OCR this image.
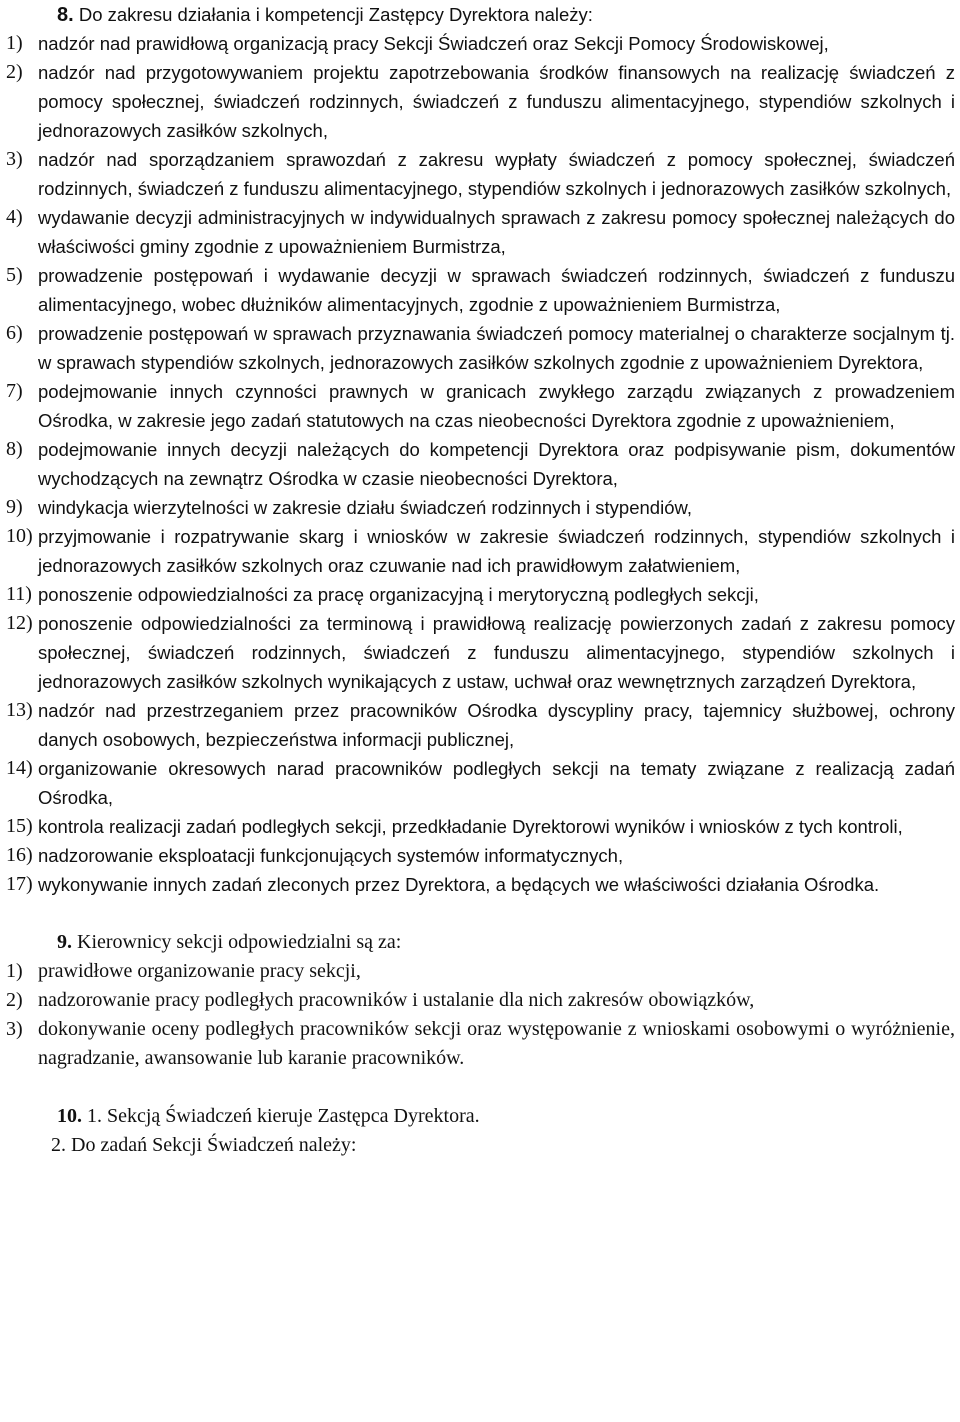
8. Do zakresu działania i kompetencji Zastępcy Dyrektora należy:
1) nadzór nad prawidłową organizacją pracy Sekcji Świadczeń oraz Sekcji Pomocy Środowiskowej,
2) nadzór nad przygotowywaniem projektu zapotrzebowania środków finansowych na realizację świadczeń z pomocy społecznej, świadczeń rodzinnych, świadczeń z funduszu alimentacyjnego, stypendiów szkolnych i jednorazowych zasiłków szkolnych,
3) nadzór nad sporządzaniem sprawozdań z zakresu wypłaty świadczeń z pomocy społecznej, świadczeń rodzinnych, świadczeń z funduszu alimentacyjnego, stypendiów szkolnych i jednorazowych zasiłków szkolnych,
4) wydawanie decyzji administracyjnych w indywidualnych sprawach z zakresu pomocy społecznej należących do właściwości gminy zgodnie z upoważnieniem Burmistrza,
5) prowadzenie postępowań i wydawanie decyzji w sprawach świadczeń rodzinnych, świadczeń z funduszu alimentacyjnego, wobec dłużników alimentacyjnych, zgodnie z upoważnieniem Burmistrza,
6) prowadzenie postępowań w sprawach przyznawania świadczeń pomocy materialnej o charakterze socjalnym tj. w sprawach stypendiów szkolnych, jednorazowych zasiłków szkolnych zgodnie z upoważnieniem Dyrektora,
7) podejmowanie innych czynności prawnych w granicach zwykłego zarządu związanych z prowadzeniem Ośrodka, w zakresie jego zadań statutowych na czas nieobecności Dyrektora zgodnie z upoważnieniem,
8) podejmowanie innych decyzji należących do kompetencji Dyrektora oraz podpisywanie pism, dokumentów wychodzących na zewnątrz Ośrodka w czasie nieobecności Dyrektora,
9) windykacja wierzytelności w zakresie działu świadczeń rodzinnych i stypendiów,
10) przyjmowanie i rozpatrywanie skarg i wniosków w zakresie świadczeń rodzinnych, stypendiów szkolnych i jednorazowych zasiłków szkolnych oraz czuwanie nad ich prawidłowym załatwieniem,
11) ponoszenie odpowiedzialności za pracę organizacyjną i merytoryczną podległych sekcji,
12) ponoszenie odpowiedzialności za terminową i prawidłową realizację powierzonych zadań z zakresu pomocy społecznej, świadczeń rodzinnych, świadczeń z funduszu alimentacyjnego, stypendiów szkolnych i jednorazowych zasiłków szkolnych wynikających z ustaw, uchwał oraz wewnętrznych zarządzeń Dyrektora,
13) nadzór nad przestrzeganiem przez pracowników Ośrodka dyscypliny pracy, tajemnicy służbowej, ochrony danych osobowych, bezpieczeństwa informacji publicznej,
14) organizowanie okresowych narad pracowników podległych sekcji na tematy związane z realizacją zadań Ośrodka,
15) kontrola realizacji zadań podległych sekcji, przedkładanie Dyrektorowi wyników i wniosków z tych kontroli,
16) nadzorowanie eksploatacji funkcjonujących systemów informatycznych,
17) wykonywanie innych zadań zleconych przez Dyrektora, a będących we właściwości działania Ośrodka.
9. Kierownicy sekcji odpowiedzialni są za:
1) prawidłowe organizowanie pracy sekcji,
2) nadzorowanie pracy podległych pracowników i ustalanie dla nich zakresów obowiązków,
3) dokonywanie oceny podległych pracowników sekcji oraz występowanie z wnioskami osobowymi o wyróżnienie, nagradzanie, awansowanie lub karanie pracowników.
10. 1. Sekcją Świadczeń kieruje Zastępca Dyrektora.
2. Do zadań Sekcji Świadczeń należy:
